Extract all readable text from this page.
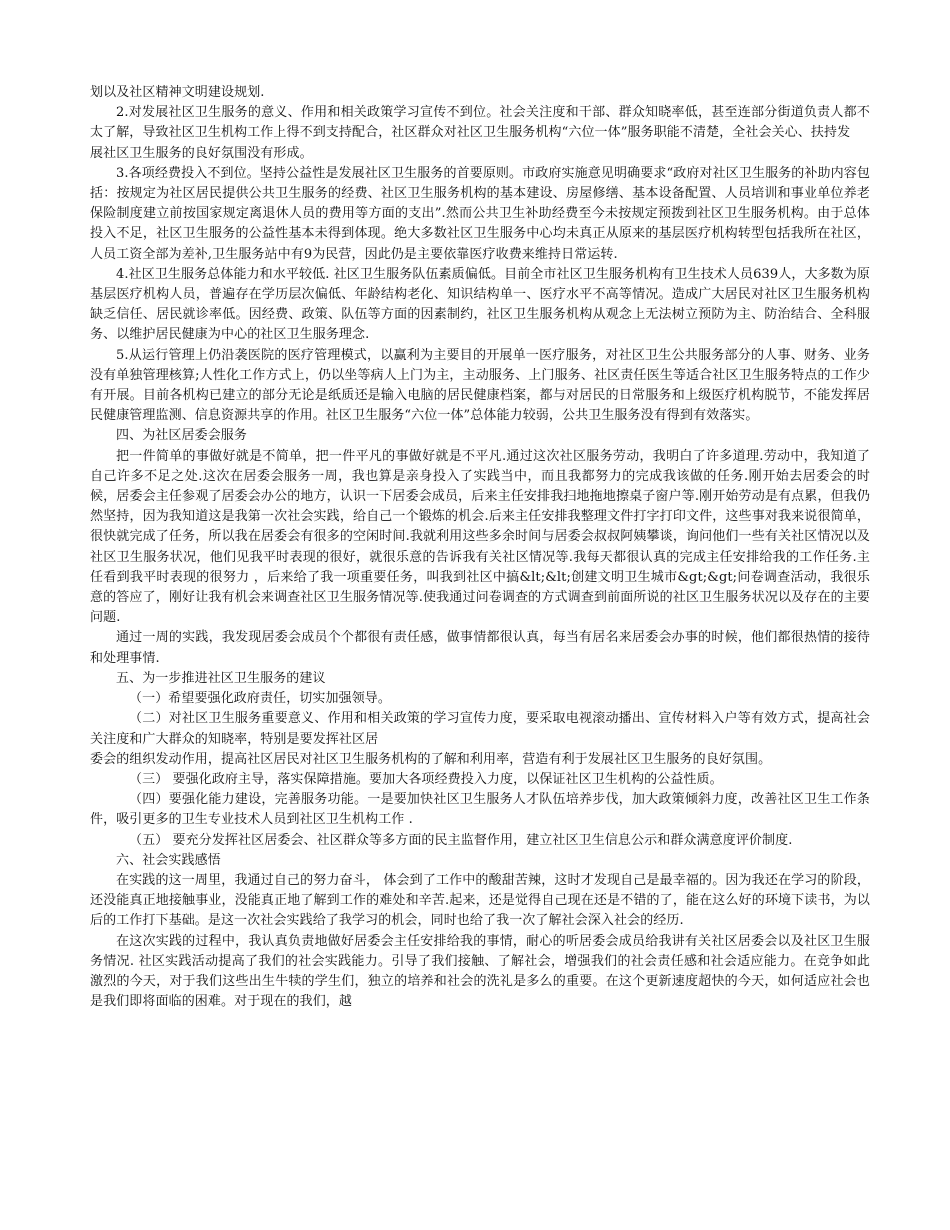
划以及社区精神文明建设规划.

2.对发展社区卫生服务的意义、作用和相关政策学习宣传不到位。社会关注度和干部、群众知晓率低，甚至连部分街道负责人都不太了解，导致社区卫生机构工作上得不到支持配合，社区群众对社区卫生服务机构“六位一体”服务职能不清楚，全社会关心、扶持发

展社区卫生服务的良好氛围没有形成。

3.各项经费投入不到位。坚持公益性是发展社区卫生服务的首要原则。市政府实施意见明确要求“政府对社区卫生服务的补助内容包括：按规定为社区居民提供公共卫生服务的经费、社区卫生服务机构的基本建设、房屋修缮、基本设备配置、人员培训和事业单位养老保险制度建立前按国家规定离退休人员的费用等方面的支出”.然而公共卫生补助经费至今未按规定预拨到社区卫生服务机构。由于总体投入不足，社区卫生服务的公益性基本未得到体现。绝大多数社区卫生服务中心均未真正从原来的基层医疗机构转型包括我所在社区， 人员工资全部为差补,卫生服务站中有9为民营，因此仍是主要依靠医疗收费来维持日常运转.

4.社区卫生服务总体能力和水平较低. 社区卫生服务队伍素质偏低。目前全市社区卫生服务机构有卫生技术人员639人，大多数为原基层医疗机构人员，普遍存在学历层次偏低、年龄结构老化、知识结构单一、医疗水平不高等情况。造成广大居民对社区卫生服务机构缺乏信任、居民就诊率低。因经费、政策、队伍等方面的因素制约，社区卫生服务机构从观念上无法树立预防为主、防治结合、全科服务、以维护居民健康为中心的社区卫生服务理念.

5.从运行管理上仍沿袭医院的医疗管理模式，以赢利为主要目的开展单一医疗服务，对社区卫生公共服务部分的人事、财务、业务没有单独管理核算;人性化工作方式上，仍以坐等病人上门为主，主动服务、上门服务、社区责任医生等适合社区卫生服务特点的工作少有开展。目前各机构已建立的部分无论是纸质还是输入电脑的居民健康档案，都与对居民的日常服务和上级医疗机构脱节，不能发挥居民健康管理监测、信息资源共享的作用。社区卫生服务“六位一体”总体能力较弱，公共卫生服务没有得到有效落实。

四、为社区居委会服务

把一件简单的事做好就是不简单，把一件平凡的事做好就是不平凡.通过这次社区服务劳动，我明白了许多道理.劳动中，我知道了自己许多不足之处.这次在居委会服务一周，我也算是亲身投入了实践当中，而且我都努力的完成我该做的任务.刚开始去居委会的时候，居委会主任参观了居委会办公的地方，认识一下居委会成员，后来主任安排我扫地拖地擦桌子窗户等.刚开始劳动是有点累，但我仍然坚持，因为我知道这是我第一次社会实践，给自己一个锻炼的机会.后来主任安排我整理文件打字打印文件，这些事对我来说很简单，很快就完成了任务，所以我在居委会有很多的空闲时间.我就利用这些多余时间与居委会叔叔阿姨攀谈，询问他们一些有关社区情况以及社区卫生服务状况，他们见我平时表现的很好，就很乐意的告诉我有关社区情况等.我每天都很认真的完成主任安排给我的工作任务.主任看到我平时表现的很努力 ，后来给了我一项重要任务，叫我到社区中搞&lt;&lt;创建文明卫生城市&gt;&gt;问卷调查活动，我很乐意的答应了，刚好让我有机会来调查社区卫生服务情况等.使我通过问卷调查的方式调查到前面所说的社区卫生服务状况以及存在的主要问题.

通过一周的实践，我发现居委会成员个个都很有责任感，做事情都很认真，每当有居名来居委会办事的时候，他们都很热情的接待和处理事情.

五、为一步推进社区卫生服务的建议

（一）希望要强化政府责任，切实加强领导。

（二）对社区卫生服务重要意义、作用和相关政策的学习宣传力度，要采取电视滚动播出、宣传材料入户等有效方式，提高社会关注度和广大群众的知晓率，特别是要发挥社区居

委会的组织发动作用，提高社区居民对社区卫生服务机构的了解和利用率，营造有利于发展社区卫生服务的良好氛围。

（三） 要强化政府主导，落实保障措施。要加大各项经费投入力度，以保证社区卫生机构的公益性质。

（四）要强化能力建设，完善服务功能。一是要加快社区卫生服务人才队伍培养步伐，加大政策倾斜力度，改善社区卫生工作条件，吸引更多的卫生专业技术人员到社区卫生机构工作 .

（五） 要充分发挥社区居委会、社区群众等多方面的民主监督作用，建立社区卫生信息公示和群众满意度评价制度.

六、社会实践感悟

在实践的这一周里，我通过自己的努力奋斗， 体会到了工作中的酸甜苦辣，这时才发现自己是最幸福的。因为我还在学习的阶段，还没能真正地接触事业，没能真正地了解到工作的难处和辛苦.起来，还是觉得自己现在还是不错的了，能在这么好的环境下读书，为以后的工作打下基础。是这一次社会实践给了我学习的机会，同时也给了我一次了解社会深入社会的经历.

在这次实践的过程中，我认真负责地做好居委会主任安排给我的事情，耐心的听居委会成员给我讲有关社区居委会以及社区卫生服务情况. 社区实践活动提高了我们的社会实践能力。引导了我们接触、了解社会，增强我们的社会责任感和社会适应能力。在竞争如此激烈的今天，对于我们这些出生牛犊的学生们，独立的培养和社会的洗礼是多么的重要。在这个更新速度超快的今天，如何适应社会也是我们即将面临的困难。对于现在的我们，越
